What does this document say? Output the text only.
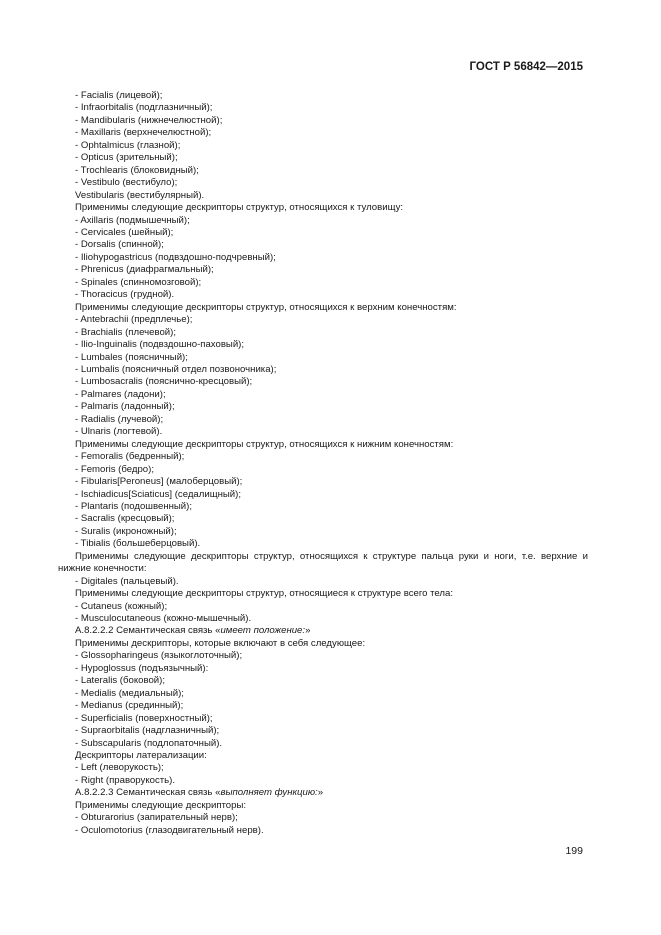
ГОСТ Р 56842—2015
- Facialis (лицевой);
- Infraorbitalis (подглазничный);
- Mandibularis (нижнечелюстной);
- Maxillaris (верхнечелюстной);
- Ophtalmicus (глазной);
- Opticus (зрительный);
- Trochlearis (блоковидный);
- Vestibulo (вестибуло);
Vestibularis (вестибулярный).
Применимы следующие дескрипторы структур, относящихся к туловищу:
- Axillaris (подмышечный);
- Cervicales (шейный);
- Dorsalis (спинной);
- Iliohypogastricus (подвздошно-подчревный);
- Phrenicus (диафрагмальный);
- Spinales (спинномозговой);
- Thoracicus (грудной).
Применимы следующие дескрипторы структур, относящихся к верхним конечностям:
- Antebrachii (предплечье);
- Brachialis (плечевой);
- Ilio-Inguinalis (подвздошно-паховый);
- Lumbales (поясничный);
- Lumbalis (поясничный отдел позвоночника);
- Lumbosacralis (пояснично-кресцовый);
- Palmares (ладони);
- Palmaris (ладонный);
- Radialis (лучевой);
- Ulnaris (логтевой).
Применимы следующие дескрипторы структур, относящихся к нижним конечностям:
- Femoralis (бедренный);
- Femoris (бедро);
- Fibularis[Peroneus] (малоберцовый);
- Ischiadicus[Sciaticus] (седалищный);
- Plantaris (подошвенный);
- Sacralis (кресцовый);
- Suralis (икроножный);
- Tibialis (большеберцовый).
Применимы следующие дескрипторы структур, относящихся к структуре пальца руки и ноги, т.е. верхние и нижние конечности:
- Digitales (пальцевый).
Применимы следующие дескрипторы структур, относящиеся к структуре всего тела:
- Cutaneus (кожный);
- Musculocutaneous (кожно-мышечный).
A.8.2.2.2 Семантическая связь «имеет положение:»
Применимы дескрипторы, которые включают в себя следующее:
- Glossopharingeus (языкоглоточный);
- Hypoglossus (подъязычный):
- Lateralis (боковой);
- Medialis (медиальный);
- Medianus (срединный);
- Superficialis (поверхностный);
- Supraorbitalis (надглазничный);
- Subscapularis (подлопаточный).
Дескрипторы латерализации:
- Left (леворукость);
- Right (праворукость).
A.8.2.2.3 Семантическая связь «выполняет функцию:»
Применимы следующие дескрипторы:
- Obturarorius (запирательный нерв);
- Oculomotorius (глазодвигательный нерв).
199
